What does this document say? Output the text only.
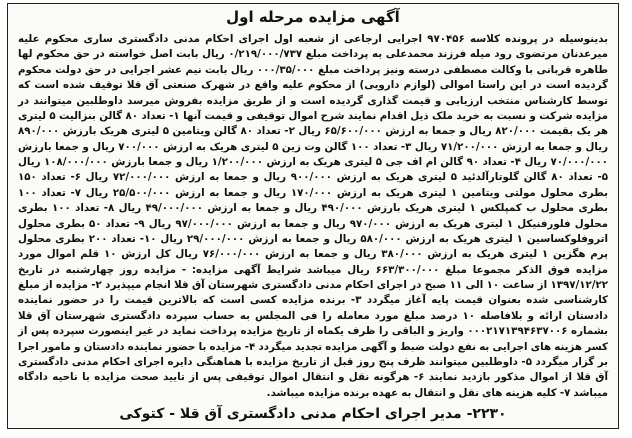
آگهی مزایده مرحله اول
بدینوسیله در پرونده کلاسه ۹۷۰۴۵۶ اجرایی ارجاعی از شعبه اول اجرای احکام مدنی دادگستری ساری محکوم علیه میرعدنان مرتضوی رود میله فرزند محمدعلی به پرداخت مبلغ ۰/۲۱۹/۰۰۰/۷۳۷ ریال بابت اصل خواسته در حق محکوم لها طاهره قربانی با وکالت مصطفی درسته ونیز پرداخت مبلغ ۰۰۰/۳۵/۰۰۰ ریال بابت نیم عشر اجرایی در حق دولت محکوم گردیده است در این راستا اموالی (لوازم دارویی) از محکوم علیه واقع در شهرک صنعتی آق قلا توقیف شده است که توسط کارشناس منتخب ارزیابی و قیمت گذاری گردیده است و از طریق مزایده بفروش میرسد داوطلبین میتوانند در مزایده شرکت و نسبت به خرید ملک ذیل اقدام نمایند شرح اموال توقیفی و قیمت آنها ۱- تعداد ۸۰ گالن بنزالیت ۵ لیتری هر یک بقیمت ۸۲۰/۰۰۰ ریال و جمعا به ارزش ۶۵/۶۰۰/۰۰۰ ریال ۲- تعداد ۸۰ گالن ویتامین ۵ لیتری هریک بارزش ۸۹۰/۰۰۰ ریال و جمعا به ارزش ۷۱/۲۰۰/۰۰۰ ریال ۳- تعداد ۱۰۰ گالن وت زین ۵ لیتری هریک به ارزش ۷۰۰/۰۰۰ ریال و جمعا بارزش ۷۰/۰۰۰/۰۰۰ ریال ۴- تعداد ۹۰ گالن ام اف جی ۵ لیتری هریک به ارزش ۱/۲۰۰/۰۰۰ ریال و جمعا بارزش ۱۰۸/۰۰۰/۰۰۰ ریال ۵- تعداد ۸۰ گالن گلوتارآلدئید ۵ لیتری هریک به ارزش ۹۰۰/۰۰۰ ریال و جمعا به ارزش ۷۲/۰۰۰/۰۰۰ ریال ۶- تعداد ۱۵۰ بطری محلول مولتی ویتامین ۱ لیتری هریک به ارزش ۱۷۰/۰۰۰ ریال و جمعا به ارزش ۲۵/۵۰۰/۰۰۰ ریال ۷- تعداد ۱۰۰ بطری محلول ب کمپلکس ۱ لیتری هریک بارزش ۴۹۰/۰۰۰ ریال و جمعا به ارزش ۴۹/۰۰۰/۰۰۰ ریال ۸- تعداد ۱۰۰ بطری محلول فلورفنیکل ۱ لیتری هریک به ارزش ۹۷۰/۰۰۰ ریال و جمعا به ارزش ۹۷/۰۰۰/۰۰۰ ریال ۹- تعداد ۵۰ بطری محلول اتروفلوکساسین ۱ لیتری هریک به ارزش ۵۸۰/۰۰۰ ریال و جمعا به ارزش ۲۹/۰۰۰/۰۰۰ ریال ۱۰- تعداد ۲۰۰ بطری محلول پرم هگزین ۱ لیتری هریک به ارزش ۳۸۰/۰۰۰ ریال و جمعا به ارزش ۷۶/۰۰۰/۰۰۰ ریال کل ارزش ۱۰ قلم اموال مورد مزایده فوق الذکر مجموعا مبلغ ۶۶۳/۳۰۰/۰۰۰ ریال میباشد شرایط آگهی مزایده: - مزایده روز چهارشنبه در تاریخ ۱۳۹۷/۱۲/۲۲ از ساعت ۱۰ الی ۱۱ صبح در اجرای احکام مدنی دادگستری شهرستان آق قلا انجام میپذیرد ۲- مزایده از مبلغ کارشناسی شده بعنوان قیمت پایه آغاز میگردد ۳- برنده مزایده کسی است که بالاترین قیمت را در حضور نماینده دادستان ارائه و بلافاصله ۱۰ درصد مبلغ مورد معامله را فی المجلس به حساب سپرده دادگستری شهرستان آق قلا بشماره ۰۰۰۲۱۷۱۳۹۴۶۳۷۰۰۶ واریز و الباقی را ظرف یکماه از تاریخ مزایده پرداخت نماید در غیر اینصورت سپرده پس از کسر هزینه های اجرایی به نفع دولت ضبط و آگهی مزایده تجدید میگردد ۴- مزایده با حضور نماینده دادستان و مامور اجرا بر گزار میگردد ۵- داوطلبین میتوانند ظرف پنج روز قبل از تاریخ مزایده با هماهنگی دایره اجرای احکام مدنی دادگستری آق قلا از اموال مذکور بازدید نمایند ۶- هرگونه نقل و انتقال اموال توقیفی پس از تایید صحت مزایده با ناحیه دادگاه میباشد ۷- کلیه هزینه های نقل و انتقال به عهده برنده مزایده میباشد.
۲۲۳۰- مدیر اجرای احکام مدنی دادگستری آق قلا - کتوکی
